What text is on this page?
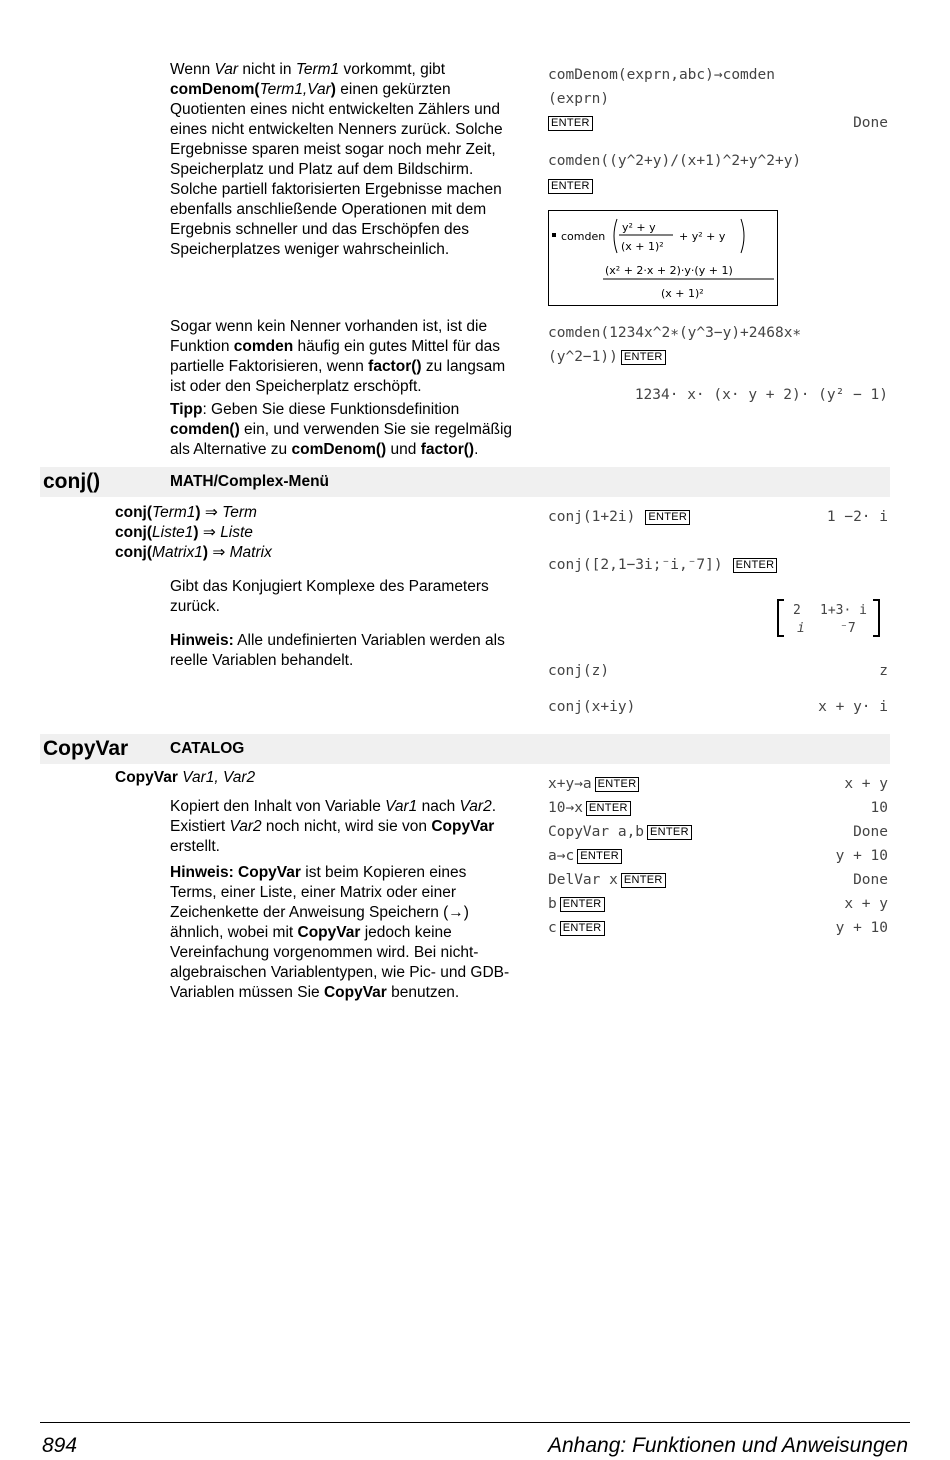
Wenn Var nicht in Term1 vorkommt, gibt

comDenom(Term1,Var) einen gekürzten

Quotienten eines nicht entwickelten Zählers und

eines nicht entwickelten Nenners zurück. Solche

Ergebnisse sparen meist sogar noch mehr Zeit,

Speicherplatz und Platz auf dem Bildschirm.

Solche partiell faktorisierten Ergebnisse machen

ebenfalls anschließende Operationen mit dem

Ergebnis schneller und das Erschöpfen des

Speicherplatzes weniger wahrscheinlich.

Sogar wenn kein Nenner vorhanden ist, ist die

Funktion comden häufig ein gutes Mittel für das

partielle Faktorisieren, wenn factor() zu langsam

ist oder den Speicherplatz erschöpft.

Tipp: Geben Sie diese Funktionsdefinition

comden() ein, und verwenden Sie sie regelmäßig

als Alternative zu comDenom() und factor().

comDenom(exprn,abc)→comden
(exprn)
ENTER	Done
comden((y^2+y)/(x+1)^2+y^2+y)
ENTER
comden
y² + y
(x + 1)²
+ y² + y
(x² + 2·x + 2)·y·(y + 1)
(x + 1)²
comden(1234x^2∗(y^3−y)+2468x∗
(y^2−1)) ENTER
1234· x· (x· y + 2)· (y² − 1)
conj()	MATH/Complex-Menü

conj(Term1) ⇒ Term

conj(Liste1) ⇒ Liste

conj(Matrix1) ⇒ Matrix

Gibt das Konjugiert Komplexe des Parameters

zurück.

Hinweis: Alle undefinierten Variablen werden als

reelle Variablen behandelt.

conj(1+2i) ENTER	1 −2· i
conj([2,1−3i;⁻i,⁻7]) ENTER
2 1+3· i
i	⁻7
conj(z)	z
conj(x+iy)	x + y· i
CopyVar	CATALOG

CopyVar Var1, Var2

Kopiert den Inhalt von Variable Var1 nach Var2.

Existiert Var2 noch nicht, wird sie von CopyVar

erstellt.

Hinweis: CopyVar ist beim Kopieren eines

Terms, einer Liste, einer Matrix oder einer

Zeichenkette der Anweisung Speichern (→)

ähnlich, wobei mit CopyVar jedoch keine

Vereinfachung vorgenommen wird. Bei nicht-

algebraischen Variablentypen, wie Pic- und GDB-

Variablen müssen Sie CopyVar benutzen.

x+y→a ENTER	x + y
10→x ENTER	10
CopyVar a,b ENTER	Done
a→c ENTER	y + 10
DelVar x ENTER	Done
b ENTER	x + y
c ENTER	y + 10
894	Anhang: Funktionen und Anweisungen
